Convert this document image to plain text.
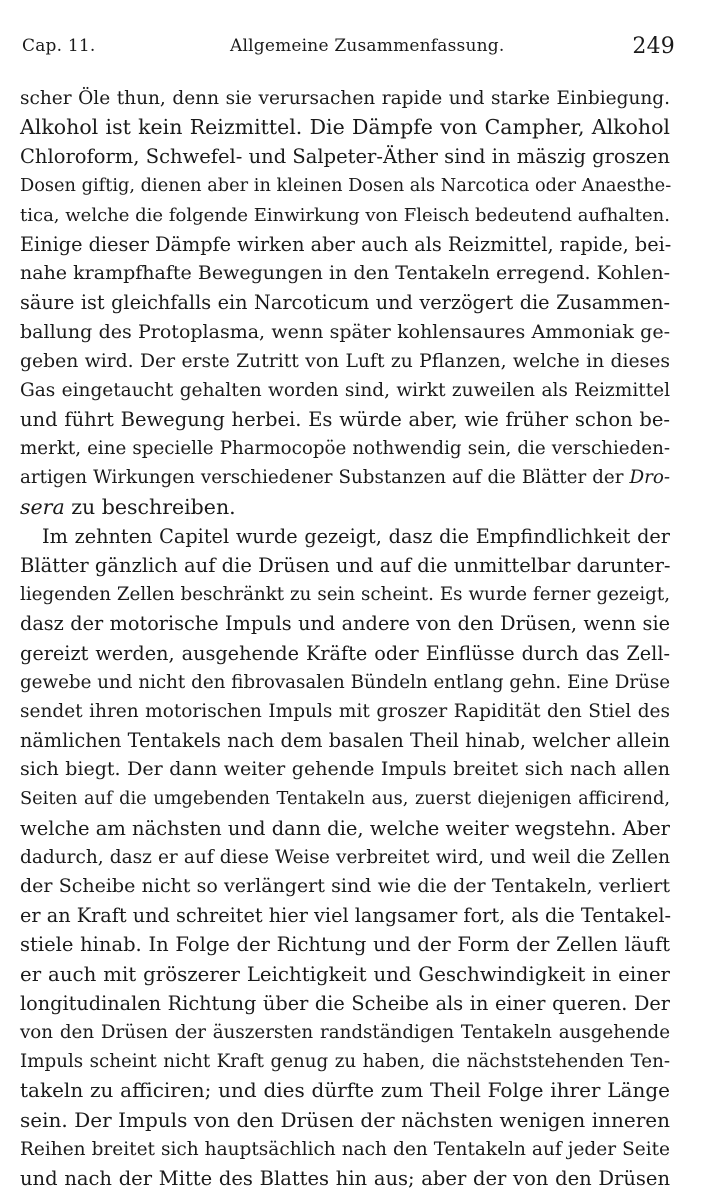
Cap. 11.	Allgemeine Zusammenfassung.	249
scher Öle thun, denn sie verursachen rapide und starke Einbiegung.
Alkohol ist kein Reizmittel. Die Dämpfe von Campher, Alkohol
Chloroform, Schwefel- und Salpeter-Äther sind in mäszig groszen
Dosen giftig, dienen aber in kleinen Dosen als Narcotica oder Anaesthe-
tica, welche die folgende Einwirkung von Fleisch bedeutend aufhalten.
Einige dieser Dämpfe wirken aber auch als Reizmittel, rapide, bei-
nahe krampfhafte Bewegungen in den Tentakeln erregend. Kohlen-
säure ist gleichfalls ein Narcoticum und verzögert die Zusammen-
ballung des Protoplasma, wenn später kohlensaures Ammoniak ge-
geben wird. Der erste Zutritt von Luft zu Pflanzen, welche in dieses
Gas eingetaucht gehalten worden sind, wirkt zuweilen als Reizmittel
und führt Bewegung herbei. Es würde aber, wie früher schon be-
merkt, eine specielle Pharmocopöe nothwendig sein, die verschieden-
artigen Wirkungen verschiedener Substanzen auf die Blätter der Dro-
sera zu beschreiben.
Im zehnten Capitel wurde gezeigt, dasz die Empfindlichkeit der
Blätter gänzlich auf die Drüsen und auf die unmittelbar darunter-
liegenden Zellen beschränkt zu sein scheint. Es wurde ferner gezeigt,
dasz der motorische Impuls und andere von den Drüsen, wenn sie
gereizt werden, ausgehende Kräfte oder Einflüsse durch das Zell-
gewebe und nicht den fibrovasalen Bündeln entlang gehn. Eine Drüse
sendet ihren motorischen Impuls mit groszer Rapidität den Stiel des
nämlichen Tentakels nach dem basalen Theil hinab, welcher allein
sich biegt. Der dann weiter gehende Impuls breitet sich nach allen
Seiten auf die umgebenden Tentakeln aus, zuerst diejenigen afficirend,
welche am nächsten und dann die, welche weiter wegstehn. Aber
dadurch, dasz er auf diese Weise verbreitet wird, und weil die Zellen
der Scheibe nicht so verlängert sind wie die der Tentakeln, verliert
er an Kraft und schreitet hier viel langsamer fort, als die Tentakel-
stiele hinab. In Folge der Richtung und der Form der Zellen läuft
er auch mit gröszerer Leichtigkeit und Geschwindigkeit in einer
longitudinalen Richtung über die Scheibe als in einer queren. Der
von den Drüsen der äuszersten randständigen Tentakeln ausgehende
Impuls scheint nicht Kraft genug zu haben, die nächststehenden Ten-
takeln zu afficiren; und dies dürfte zum Theil Folge ihrer Länge
sein. Der Impuls von den Drüsen der nächsten wenigen inneren
Reihen breitet sich hauptsächlich nach den Tentakeln auf jeder Seite
und nach der Mitte des Blattes hin aus; aber der von den Drüsen
